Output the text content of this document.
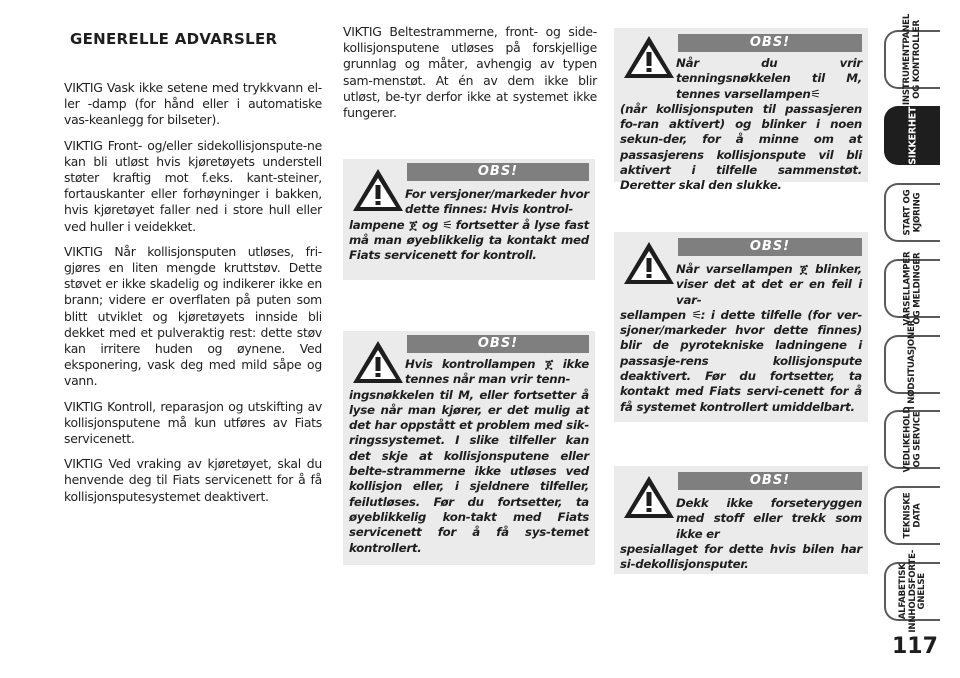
GENERELLE ADVARSLER

VIKTIG Vask ikke setene med trykkvann el-ler -damp (for hånd eller i automatiske vas-keanlegg for bilseter).

VIKTIG Front- og/eller sidekollisjonspute-ne kan bli utløst hvis kjøretøyets understell støter kraftig mot f.eks. kant-steiner, fortauskanter eller forhøyninger i bakken, hvis kjøretøyet faller ned i store hull eller ved huller i veidekket.

VIKTIG Når kollisjonsputen utløses, fri-gjøres en liten mengde kruttstøv. Dette støvet er ikke skadelig og indikerer ikke en brann; videre er overflaten på puten som blitt utviklet og kjøretøyets innside bli dekket med et pulveraktig rest: dette støv kan irritere huden og øynene. Ved eksponering, vask deg med mild såpe og vann.

VIKTIG Kontroll, reparasjon og utskifting av kollisjonsputene må kun utføres av Fiats servicenett.

VIKTIG Ved vraking av kjøretøyet, skal du henvende deg til Fiats servicenett for å få kollisjonsputesystemet deaktivert.

VIKTIG Beltestrammerne, front- og side-kollisjonsputene utløses på forskjellige grunnlag og måter, avhengig av typen sam-menstøt. At én av dem ikke blir utløst, be-tyr derfor ikke at systemet ikke fungerer.

OBS!
For versjoner/markeder hvor dette finnes: Hvis kontrol-
lampene ጀ og ⚟ fortsetter å lyse fast må man øyeblikkelig ta kontakt med Fiats servicenett for kontroll.
OBS!
Hvis kontrollampen ጀ ikke tennes når man vrir tenn-
ingsnøkkelen til M, eller fortsetter å lyse når man kjører, er det mulig at det har oppstått et problem med sik-ringssystemet. I slike tilfeller kan det skje at kollisjonsputene eller belte-strammerne ikke utløses ved kollisjon eller, i sjeldnere tilfeller, feilutløses. Før du fortsetter, ta øyeblikkelig kon-takt med Fiats servicenett for å få sys-temet kontrollert.
OBS!
Når du vrir tenningsnøkkelen til M, tennes varsellampen⚟
(når kollisjonsputen til passasjeren fo-ran aktivert) og blinker i noen sekun-der, for å minne om at passasjerens kollisjonspute vil bli aktivert i tilfelle sammenstøt. Deretter skal den slukke.
OBS!
Når varsellampen ጀ blinker, viser det at det er en feil i var-
sellampen ⚟: i dette tilfelle (for ver-sjoner/markeder hvor dette finnes) blir de pyrotekniske ladningene i passasje-rens kollisjonspute deaktivert. Før du fortsetter, ta kontakt med Fiats servi-cenett for å få systemet kontrollert umiddelbart.
OBS!
Dekk ikke forseteryggen med stoff eller trekk som ikke er
spesiallaget for dette hvis bilen har si-dekollisjonsputer.
INSTRUMENTPANEL
OG KONTROLLER
SIKKERHET
START OG
KJØRING
VARSELLAMPER
OG MELDINGER
I NØDSITUASJONER
VEDLIKEHOLD
OG SERVICE
TEKNISKE
DATA
ALFABETISK
INNHOLDSFORTE-
GNELSE
117
